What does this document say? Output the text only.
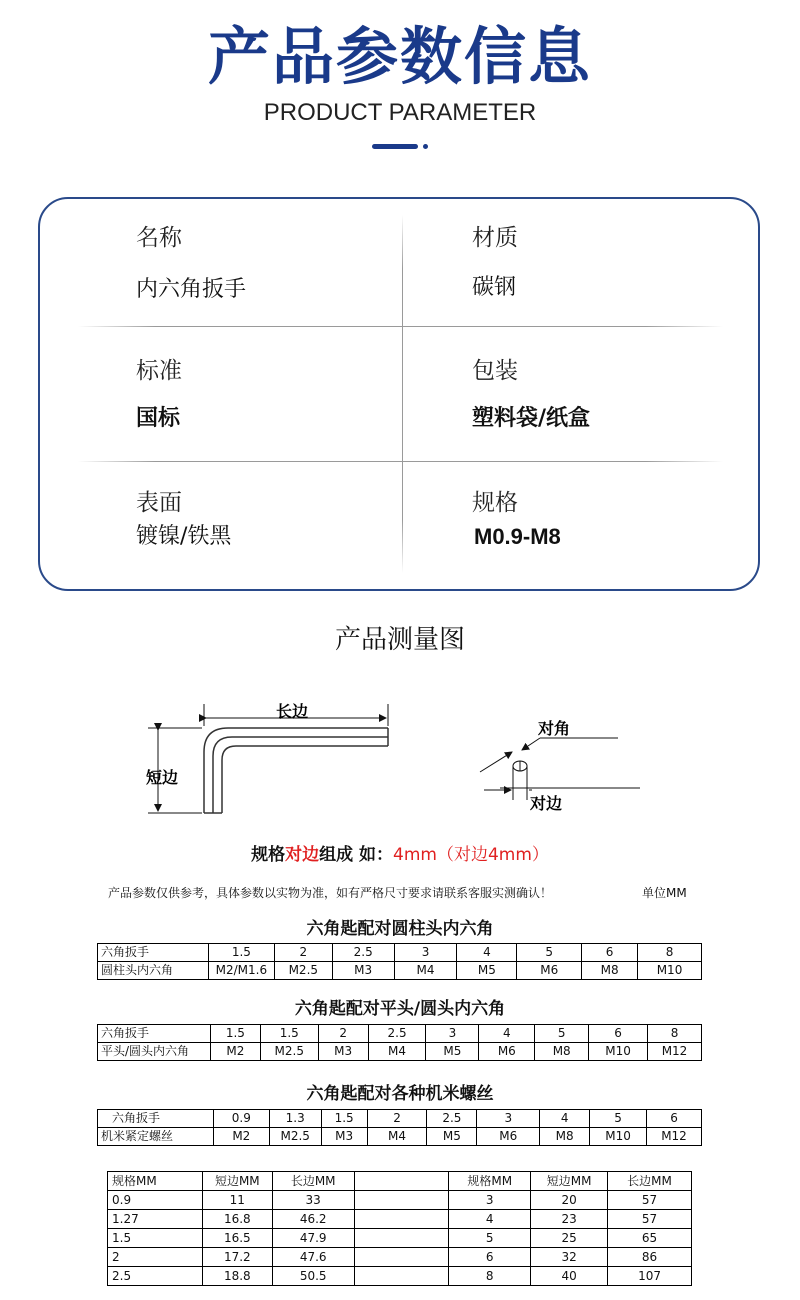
产品参数信息
PRODUCT PARAMETER
名称
内六角扳手
材质
碳钢
标准
国标
包装
塑料袋/纸盒
表面
镀镍/铁黑
规格
M0.9-M8
产品测量图
长边
短边
对角
对边
规格对边组成 如：4mm（对边4mm）
产品参数仅供参考，具体参数以实物为准，如有严格尺寸要求请联系客服实测确认！	单位MM
六角匙配对圆柱头内六角
六角扳手	1.5	2	2.5	3	4	5	6	8
圆柱头内六角	M2/M1.6	M2.5	M3	M4	M5	M6	M8	M10
六角匙配对平头/圆头内六角
六角扳手	1.5	1.5	2	2.5	3	4	5	6	8
平头/圆头内六角	M2	M2.5	M3	M4	M5	M6	M8	M10	M12
六角匙配对各种机米螺丝
六角扳手	0.9	1.3	1.5	2	2.5	3	4	5	6
机米紧定螺丝	M2	M2.5	M3	M4	M5	M6	M8	M10	M12
规格MM	短边MM	长边MM		规格MM	短边MM	长边MM
0.9	11	33		3	20	57
1.27	16.8	46.2		4	23	57
1.5	16.5	47.9		5	25	65
2	17.2	47.6		6	32	86
2.5	18.8	50.5		8	40	107
